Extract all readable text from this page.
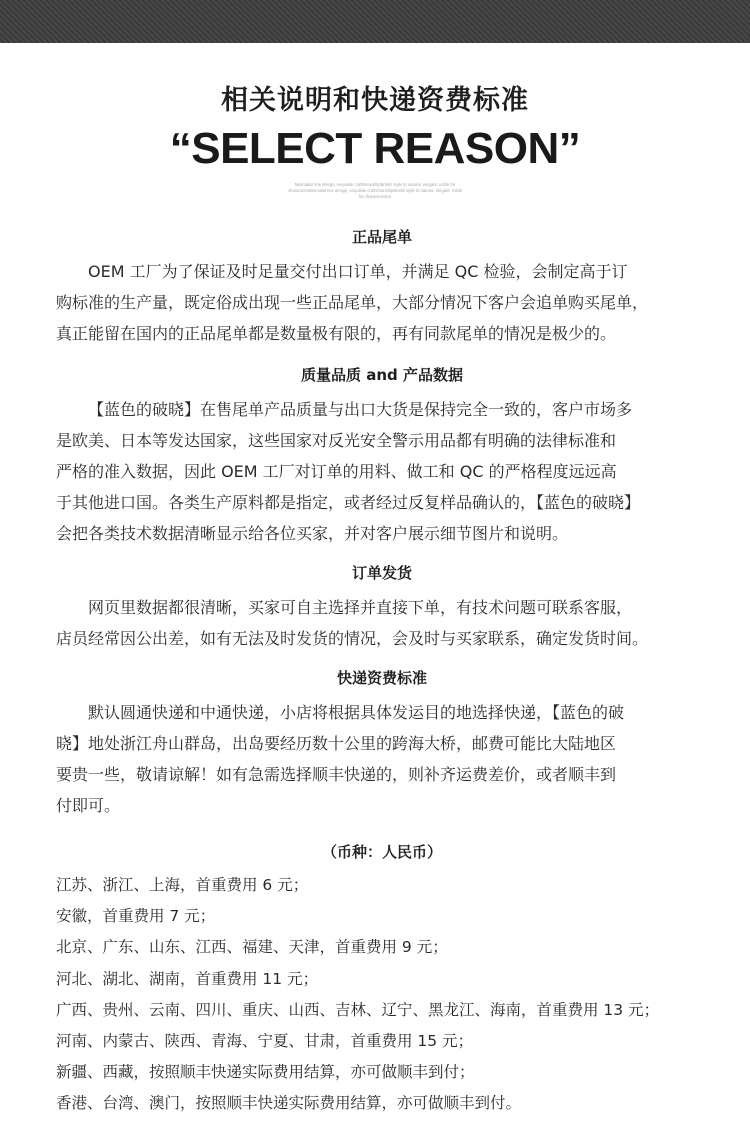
相关说明和快递资费标准
“SELECT REASON”
Minimalist line design, exquisite craftsmanshipBritish style to natural, elegant, noble for charactersMinimalist line design, exquisite craftsmanshipBritish style to natural, elegant, noble for characteristics
正品尾单
OEM 工厂为了保证及时足量交付出口订单，并满足 QC 检验，会制定高于订
购标准的生产量，既定俗成出现一些正品尾单，大部分情况下客户会追单购买尾单，
真正能留在国内的正品尾单都是数量极有限的，再有同款尾单的情况是极少的。
质量品质 and 产品数据
【蓝色的破晓】在售尾单产品质量与出口大货是保持完全一致的，客户市场多
是欧美、日本等发达国家，这些国家对反光安全警示用品都有明确的法律标准和
严格的准入数据，因此 OEM 工厂对订单的用料、做工和 QC 的严格程度远远高
于其他进口国。各类生产原料都是指定，或者经过反复样品确认的，【蓝色的破晓】
会把各类技术数据清晰显示给各位买家，并对客户展示细节图片和说明。
订单发货
网页里数据都很清晰，买家可自主选择并直接下单，有技术问题可联系客服，
店员经常因公出差，如有无法及时发货的情况，会及时与买家联系，确定发货时间。
快递资费标准
默认圆通快递和中通快递，小店将根据具体发运目的地选择快递，【蓝色的破
晓】地处浙江舟山群岛，出岛要经历数十公里的跨海大桥，邮费可能比大陆地区
要贵一些，敬请谅解！如有急需选择顺丰快递的，则补齐运费差价，或者顺丰到
付即可。
（币种：人民币）
江苏、浙江、上海，首重费用 6 元；
安徽，首重费用 7 元；
北京、广东、山东、江西、福建、天津，首重费用 9 元；
河北、湖北、湖南，首重费用 11 元；
广西、贵州、云南、四川、重庆、山西、吉林、辽宁、黑龙江、海南，首重费用 13 元；
河南、内蒙古、陕西、青海、宁夏、甘肃，首重费用 15 元；
新疆、西藏，按照顺丰快递实际费用结算，亦可做顺丰到付；
香港、台湾、澳门，按照顺丰快递实际费用结算，亦可做顺丰到付。
